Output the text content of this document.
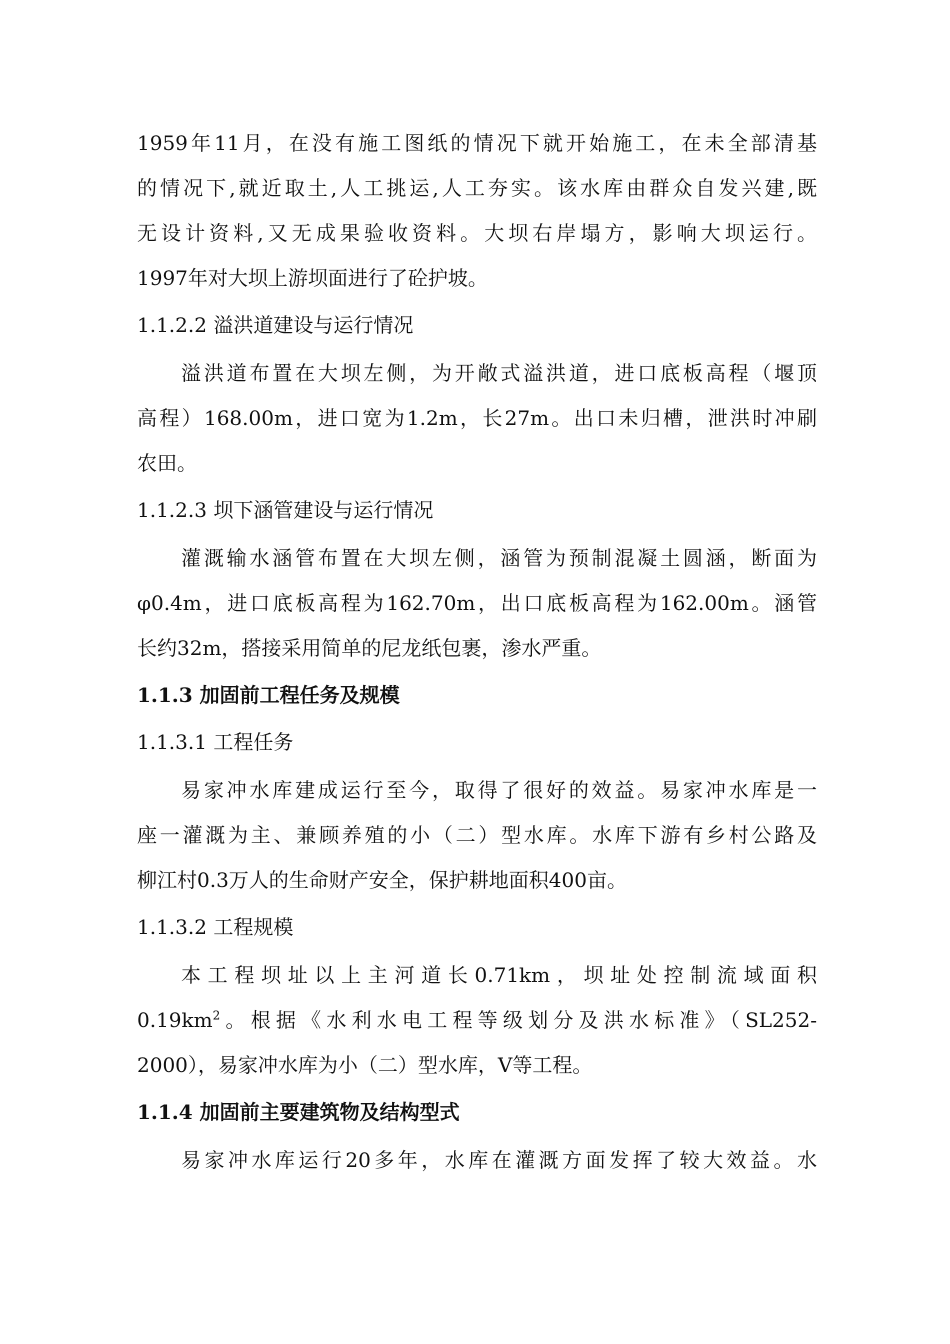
1959年11月，在没有施工图纸的情况下就开始施工，在未全部清基
的情况下,就近取土,人工挑运,人工夯实。该水库由群众自发兴建,既
无设计资料,又无成果验收资料。大坝右岸塌方，影响大坝运行。
1997年对大坝上游坝面进行了砼护坡。
1.1.2.2 溢洪道建设与运行情况
溢洪道布置在大坝左侧，为开敞式溢洪道，进口底板高程（堰顶
高程）168.00m，进口宽为1.2m，长27m。出口未归槽，泄洪时冲刷
农田。
1.1.2.3 坝下涵管建设与运行情况
灌溉输水涵管布置在大坝左侧，涵管为预制混凝土圆涵，断面为
φ0.4m，进口底板高程为162.70m，出口底板高程为162.00m。涵管
长约32m，搭接采用简单的尼龙纸包裹，渗水严重。
1.1.3 加固前工程任务及规模
1.1.3.1 工程任务
易家冲水库建成运行至今，取得了很好的效益。易家冲水库是一
座一灌溉为主、兼顾养殖的小（二）型水库。水库下游有乡村公路及
柳江村0.3万人的生命财产安全，保护耕地面积400亩。
1.1.3.2 工程规模
本工程坝址以上主河道长0.71km，坝址处控制流域面积
$0.19km^2$。根据《水利水电工程等级划分及洪水标准》（SL252-
2000），易家冲水库为小（二）型水库，V等工程。
1.1.4 加固前主要建筑物及结构型式
易家冲水库运行20多年，水库在灌溉方面发挥了较大效益。水
